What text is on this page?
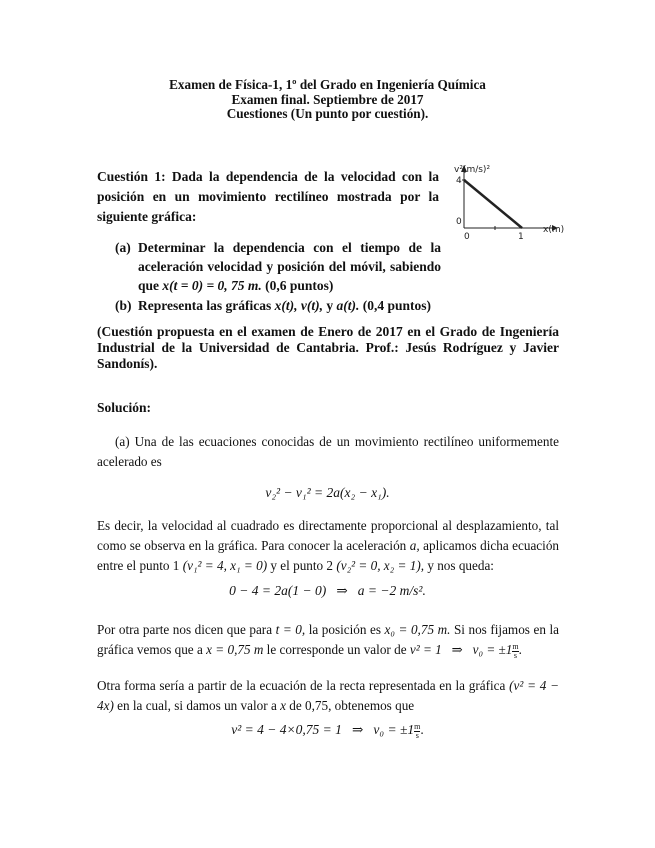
Examen de Física-1, 1º del Grado en Ingeniería Química
Examen final. Septiembre de 2017
Cuestiones (Un punto por cuestión).
Cuestión 1: Dada la dependencia de la velocidad con la posición en un movimiento rectilíneo mostrada por la siguiente gráfica:
v²(m/s)²
x(m)
4
0
0	1
(a) Determinar la dependencia con el tiempo de la aceleración velocidad y posición del móvil, sabiendo que x(t = 0) = 0, 75 m. (0,6 puntos)
(b) Representa las gráficas x(t), v(t), y a(t). (0,4 puntos)
(Cuestión propuesta en el examen de Enero de 2017 en el Grado de Ingeniería Industrial de la Universidad de Cantabria. Prof.: Jesús Rodríguez y Javier Sandonís).
Solución:
(a) Una de las ecuaciones conocidas de un movimiento rectilíneo uniformemente acelerado es
v₂² − v₁² = 2a(x₂ − x₁).
Es decir, la velocidad al cuadrado es directamente proporcional al desplazamiento, tal como se observa en la gráfica. Para conocer la aceleración a, aplicamos dicha ecuación entre el punto 1 (v₁² = 4, x₁ = 0) y el punto 2 (v₂² = 0, x₂ = 1), y nos queda:
0 − 4 = 2a(1 − 0) ⇒ a = −2 m/s².
Por otra parte nos dicen que para t = 0, la posición es x₀ = 0,75 m. Si nos fijamos en la gráfica vemos que a x = 0,75 m le corresponde un valor de v² = 1 ⇒ $v_0 = \pm 1 \frac{m}{s}$ .
Otra forma sería a partir de la ecuación de la recta representada en la gráfica (v² = 4 − 4x) en la cual, si damos un valor a x de 0,75, obtenemos que
v² = 4 − 4×0,75 = 1 ⇒ $v_0 = \pm 1 \frac{m}{s}$ .
